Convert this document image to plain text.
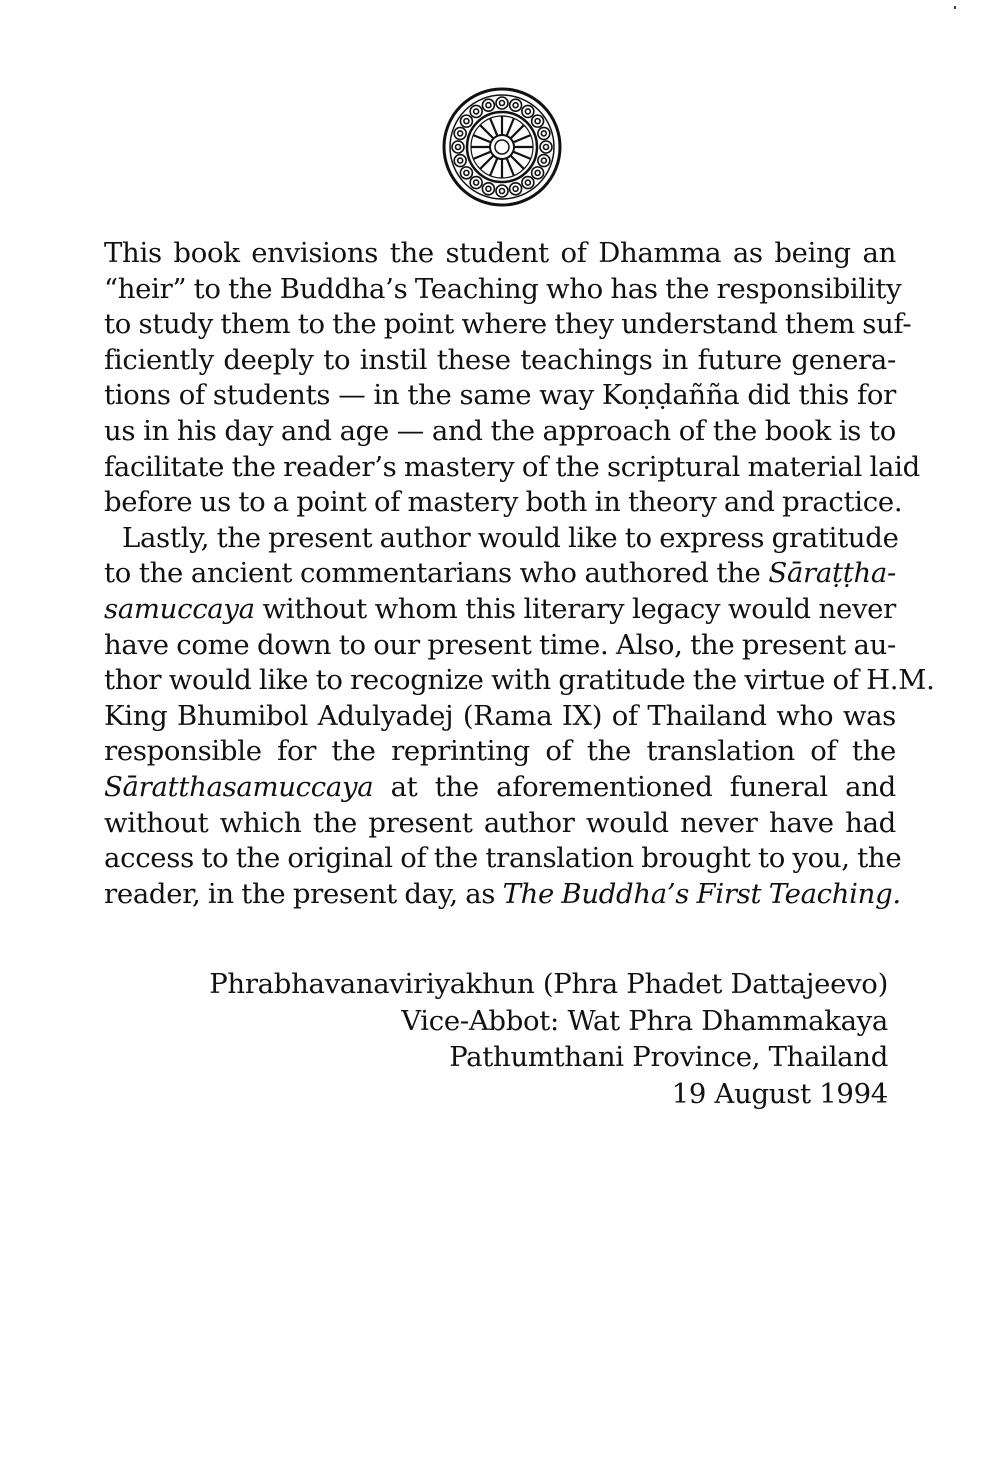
This book envisions the student of Dhamma as being an
“heir” to the Buddha’s Teaching who has the responsibility
to study them to the point where they understand them suf-
ficiently deeply to instil these teachings in future genera-
tions of students — in the same way Koṇḍañña did this for
us in his day and age — and the approach of the book is to
facilitate the reader’s mastery of the scriptural material laid
before us to a point of mastery both in theory and practice.
Lastly, the present author would like to express gratitude
to the ancient commentarians who authored the Sāraṭṭha-
samuccaya without whom this literary legacy would never
have come down to our present time. Also, the present au-
thor would like to recognize with gratitude the virtue of H.M.
King Bhumibol Adulyadej (Rama IX) of Thailand who was
responsible for the reprinting of the translation of the
Sāratthasamuccaya at the aforementioned funeral and
without which the present author would never have had
access to the original of the translation brought to you, the
reader, in the present day, as The Buddha’s First Teaching.
Phrabhavanaviriyakhun (Phra Phadet Dattajeevo)
Vice-Abbot: Wat Phra Dhammakaya
Pathumthani Province, Thailand
19 August 1994
